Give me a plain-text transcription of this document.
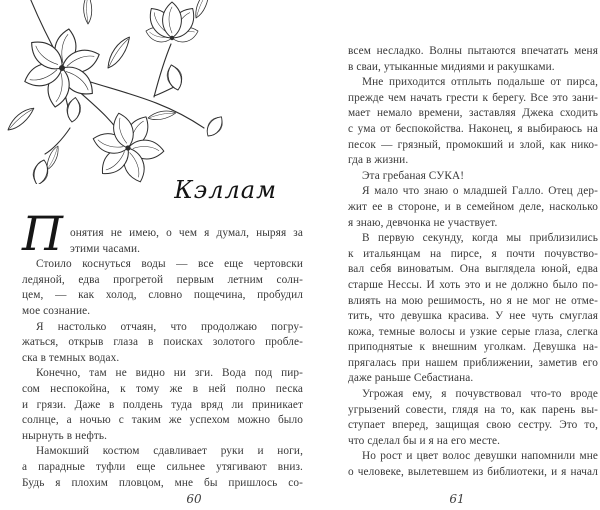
Кэллам
П онятия не имею, о чем я думал, ныряя за
этими часами.
Стоило коснуться воды — все еще чертовски
ледяной, едва прогретой первым летним солн-
цем, — как холод, словно пощечина, пробудил
мое сознание.
Я настолько отчаян, что продолжаю погру-
жаться, открыв глаза в поисках золотого пробле-
ска в темных водах.
Конечно, там не видно ни зги. Вода под пир-
сом неспокойна, к тому же в ней полно песка
и грязи. Даже в полдень туда вряд ли приникает
солнце, а ночью с таким же успехом можно было
нырнуть в нефть.
Намокший костюм сдавливает руки и ноги,
а парадные туфли еще сильнее утягивают вниз.
Будь я плохим пловцом, мне бы пришлось со-
60
всем несладко. Волны пытаются впечатать меня
в сваи, утыканные мидиями и ракушками.
Мне приходится отплыть подальше от пирса,
прежде чем начать грести к берегу. Все это зани-
мает немало времени, заставляя Джека сходить
с ума от беспокойства. Наконец, я выбираюсь на
песок — грязный, промокший и злой, как нико-
гда в жизни.
Эта гребаная СУКА!
Я мало что знаю о младшей Галло. Отец дер-
жит ее в стороне, и в семейном деле, насколько
я знаю, девчонка не участвует.
В первую секунду, когда мы приблизились
к итальянцам на пирсе, я почти почувство-
вал себя виноватым. Она выглядела юной, едва
старше Нессы. И хоть это и не должно было по-
влиять на мою решимость, но я не мог не отме-
тить, что девушка красива. У нее чуть смуглая
кожа, темные волосы и узкие серые глаза, слегка
приподнятые к внешним уголкам. Девушка на-
прягалась при нашем приближении, заметив его
даже раньше Себастиана.
Угрожая ему, я почувствовал что-то вроде
угрызений совести, глядя на то, как парень вы-
ступает вперед, защищая свою сестру. Это то,
что сделал бы и я на его месте.
Но рост и цвет волос девушки напомнили мне
о человеке, вылетевшем из библиотеки, и я начал
61
